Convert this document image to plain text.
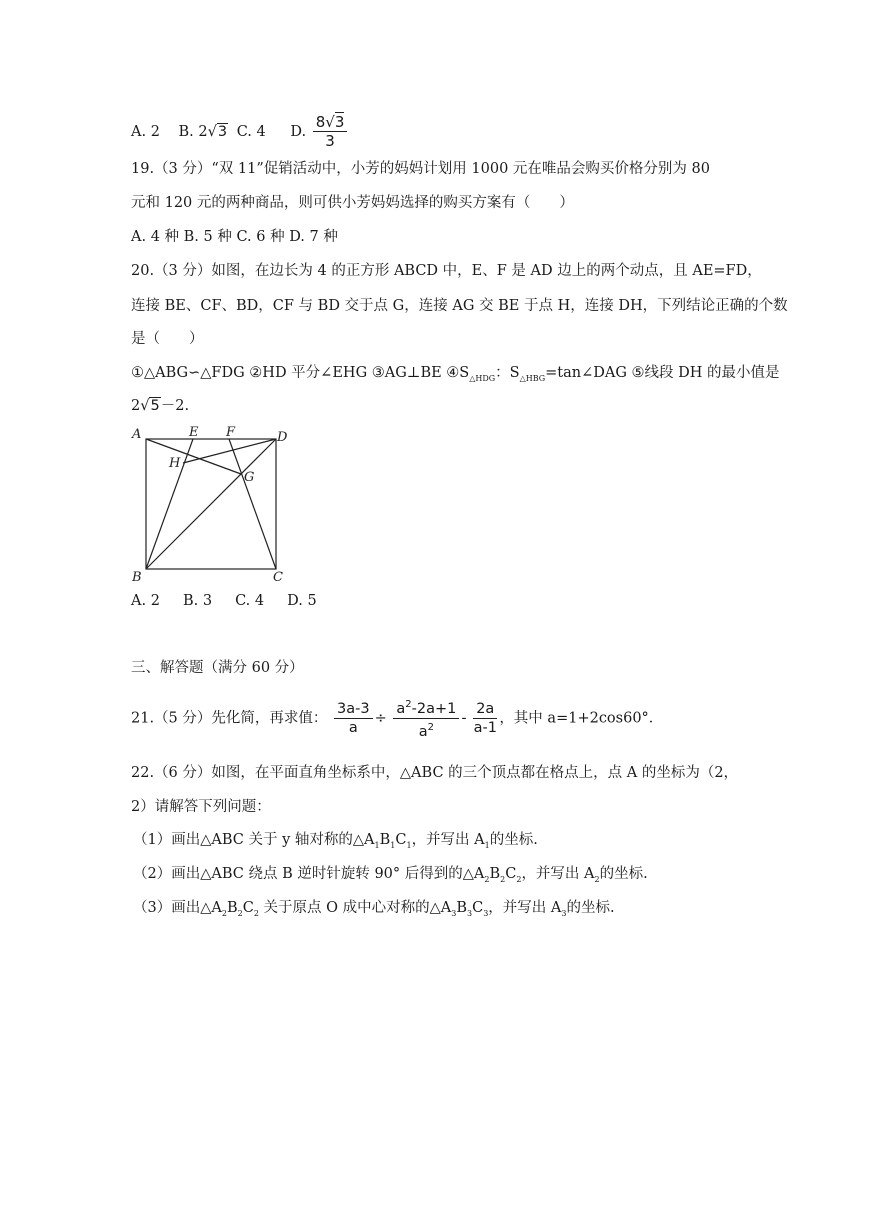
A. 2 B. 2√3 C. 4 D. $\frac{8√3}{3}$
19.（3 分）“双 11”促销活动中，小芳的妈妈计划用 1000 元在唯品会购买价格分别为 80
元和 120 元的两种商品，则可供小芳妈妈选择的购买方案有（　　）
A. 4 种 B. 5 种 C. 6 种 D. 7 种
20.（3 分）如图，在边长为 4 的正方形 ABCD 中，E、F 是 AD 边上的两个动点，且 AE=FD，
连接 BE、CF、BD，CF 与 BD 交于点 G，连接 AG 交 BE 于点 H，连接 DH，下列结论正确的个数
是（　　）
①△ABG∽△FDG ②HD 平分∠EHG ③AG⊥BE $④S_{\triangle HDG}$：$S_{\triangle HBG}=\tan\angle DAG$ ⑤线段 DH 的最小值是
2√5－2.
A	E F	D
H
G
B	C
A. 2     B. 3     C. 4     D. 5
三、解答题（满分 60 分）
21.（5 分）先化简，再求值： $\frac{3a-3}{a} \div \frac{a^2-2a+1}{a^2} - \frac{2a}{a-1}$ ，其中 a=1+2cos60°．
22.（6 分）如图，在平面直角坐标系中，△ABC 的三个顶点都在格点上，点 A 的坐标为（2，
2）请解答下列问题：
（1）画出△ABC 关于 y 轴对称的$\triangle A_1B_1C_1$，并写出 $A_1$的坐标.
（2）画出△ABC 绕点 B 逆时针旋转 90° 后得到的$\triangle A_2B_2C_2$，并写出 $A_2$的坐标.
（3）画出$\triangle A_2B_2C_2$ 关于原点 O 成中心对称的$\triangle A_3B_3C_3$，并写出 $A_3$的坐标.
